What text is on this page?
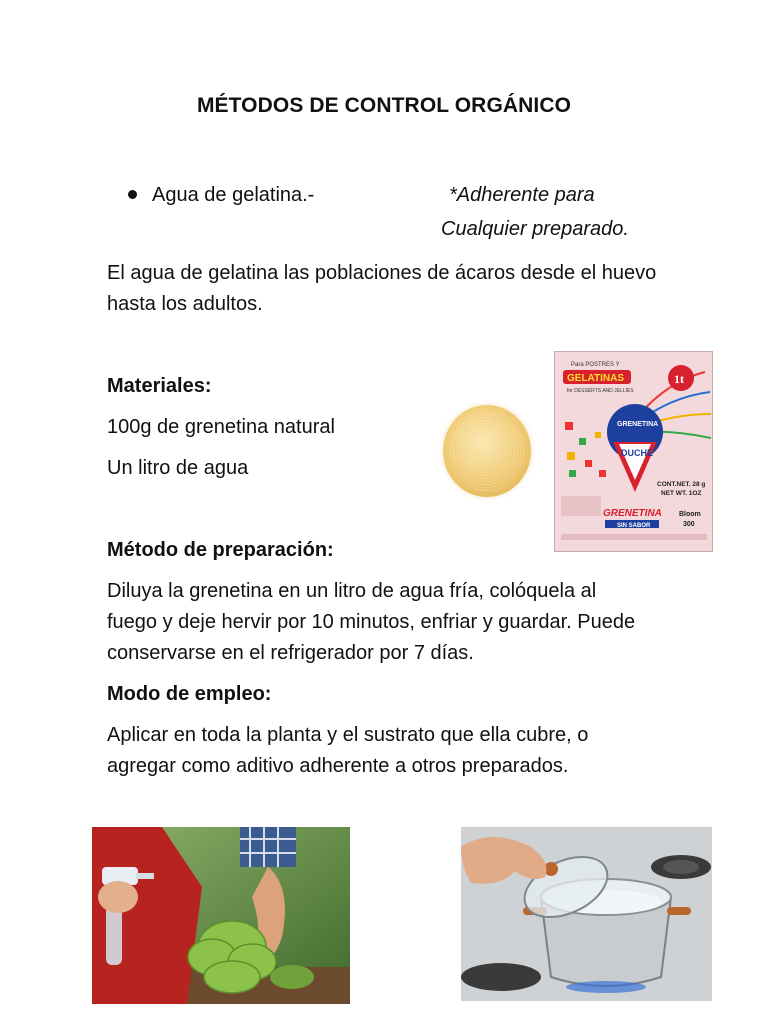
MÉTODOS DE CONTROL ORGÁNICO
Agua de gelatina.-	*Adherente para
Cualquier preparado.
El agua de gelatina las poblaciones de ácaros desde el huevo
hasta los adultos.
Materiales:
100g de grenetina natural
Un litro de agua
Para POSTRES Y
GELATINAS
for DESSERTS AND JELLIES
1t
GRENETINA
DUCHE
CONT.NET. 28 g
NET WT. 1OZ
GRENETINA
SIN SABOR
Bloom
300
Método de preparación:
Diluya la grenetina en un litro de agua fría, colóquela al
fuego y deje hervir por 10 minutos, enfriar y guardar. Puede
conservarse en el refrigerador por 7 días.
Modo de empleo:
Aplicar en toda la planta y el sustrato que ella cubre, o
agregar como aditivo adherente a otros preparados.
